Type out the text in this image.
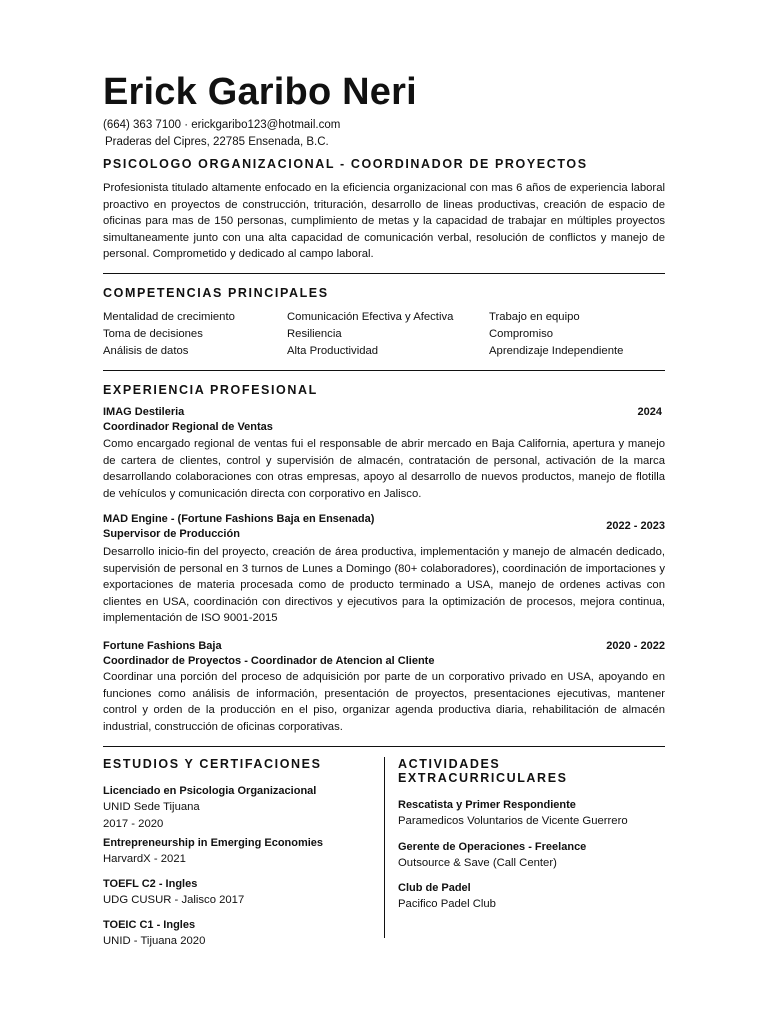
Erick Garibo Neri
(664) 363 7100 · erickgaribo123@hotmail.com
Praderas del Cipres, 22785 Ensenada, B.C.
PSICOLOGO ORGANIZACIONAL - COORDINADOR DE PROYECTOS

Profesionista titulado altamente enfocado en la eficiencia organizacional con mas 6 años de experiencia laboral proactivo en proyectos de construcción, trituración, desarrollo de lineas productivas, creación de espacio de oficinas para mas de 150 personas, cumplimiento de metas y la capacidad de trabajar en múltiples proyectos simultaneamente junto con una alta capacidad de comunicación verbal, resolución de conflictos y manejo de personal. Comprometido y dedicado al campo laboral.

COMPETENCIAS PRINCIPALES
Mentalidad de crecimiento
Toma de decisiones
Análisis de datos
Comunicación Efectiva y Afectiva
Resiliencia
Alta Productividad
Trabajo en equipo
Compromiso
Aprendizaje Independiente
EXPERIENCIA PROFESIONAL
IMAG Destileria	2024
Coordinador Regional de Ventas

Como encargado regional de ventas fui el responsable de abrir mercado en Baja California, apertura y manejo de cartera de clientes, control y supervisión de almacén, contratación de personal, activación de la marca desarrollando colaboraciones con otras empresas, apoyo al desarrollo de nuevos productos, manejo de flotilla de vehículos y comunicación directa con corporativo en Jalisco.

MAD Engine - (Fortune Fashions Baja en Ensenada)
Supervisor de Producción
2022 - 2023

Desarrollo inicio-fin del proyecto, creación de área productiva, implementación y manejo de almacén dedicado, supervisión de personal en 3 turnos de Lunes a Domingo (80+ colaboradores), coordinación de importaciones y exportaciones de materia procesada como de producto terminado a USA, manejo de ordenes activas con clientes en USA, coordinación con directivos y ejecutivos para la optimización de procesos, mejora continua, implementación de ISO 9001-2015

Fortune Fashions Baja	2020 - 2022
Coordinador de Proyectos - Coordinador de Atencion al Cliente

Coordinar una porción del proceso de adquisición por parte de un corporativo privado en USA, apoyando en funciones como análisis de información, presentación de proyectos, presentaciones ejecutivas, mantener control y orden de la producción en el piso, organizar agenda productiva diaria, rehabilitación de almacén industrial, construcción de oficinas corporativas.

ESTUDIOS Y CERTIFACIONES
Licenciado en Psicologia Organizacional
UNID Sede Tijuana
2017 - 2020
Entrepreneurship in Emerging Economies
HarvardX - 2021
TOEFL C2 - Ingles
UDG CUSUR - Jalisco 2017
TOEIC C1 - Ingles
UNID - Tijuana 2020
ACTIVIDADES EXTRACURRICULARES
Rescatista y Primer Respondiente
Paramedicos Voluntarios de Vicente Guerrero
Gerente de Operaciones - Freelance
Outsource & Save (Call Center)
Club de Padel
Pacifico Padel Club
